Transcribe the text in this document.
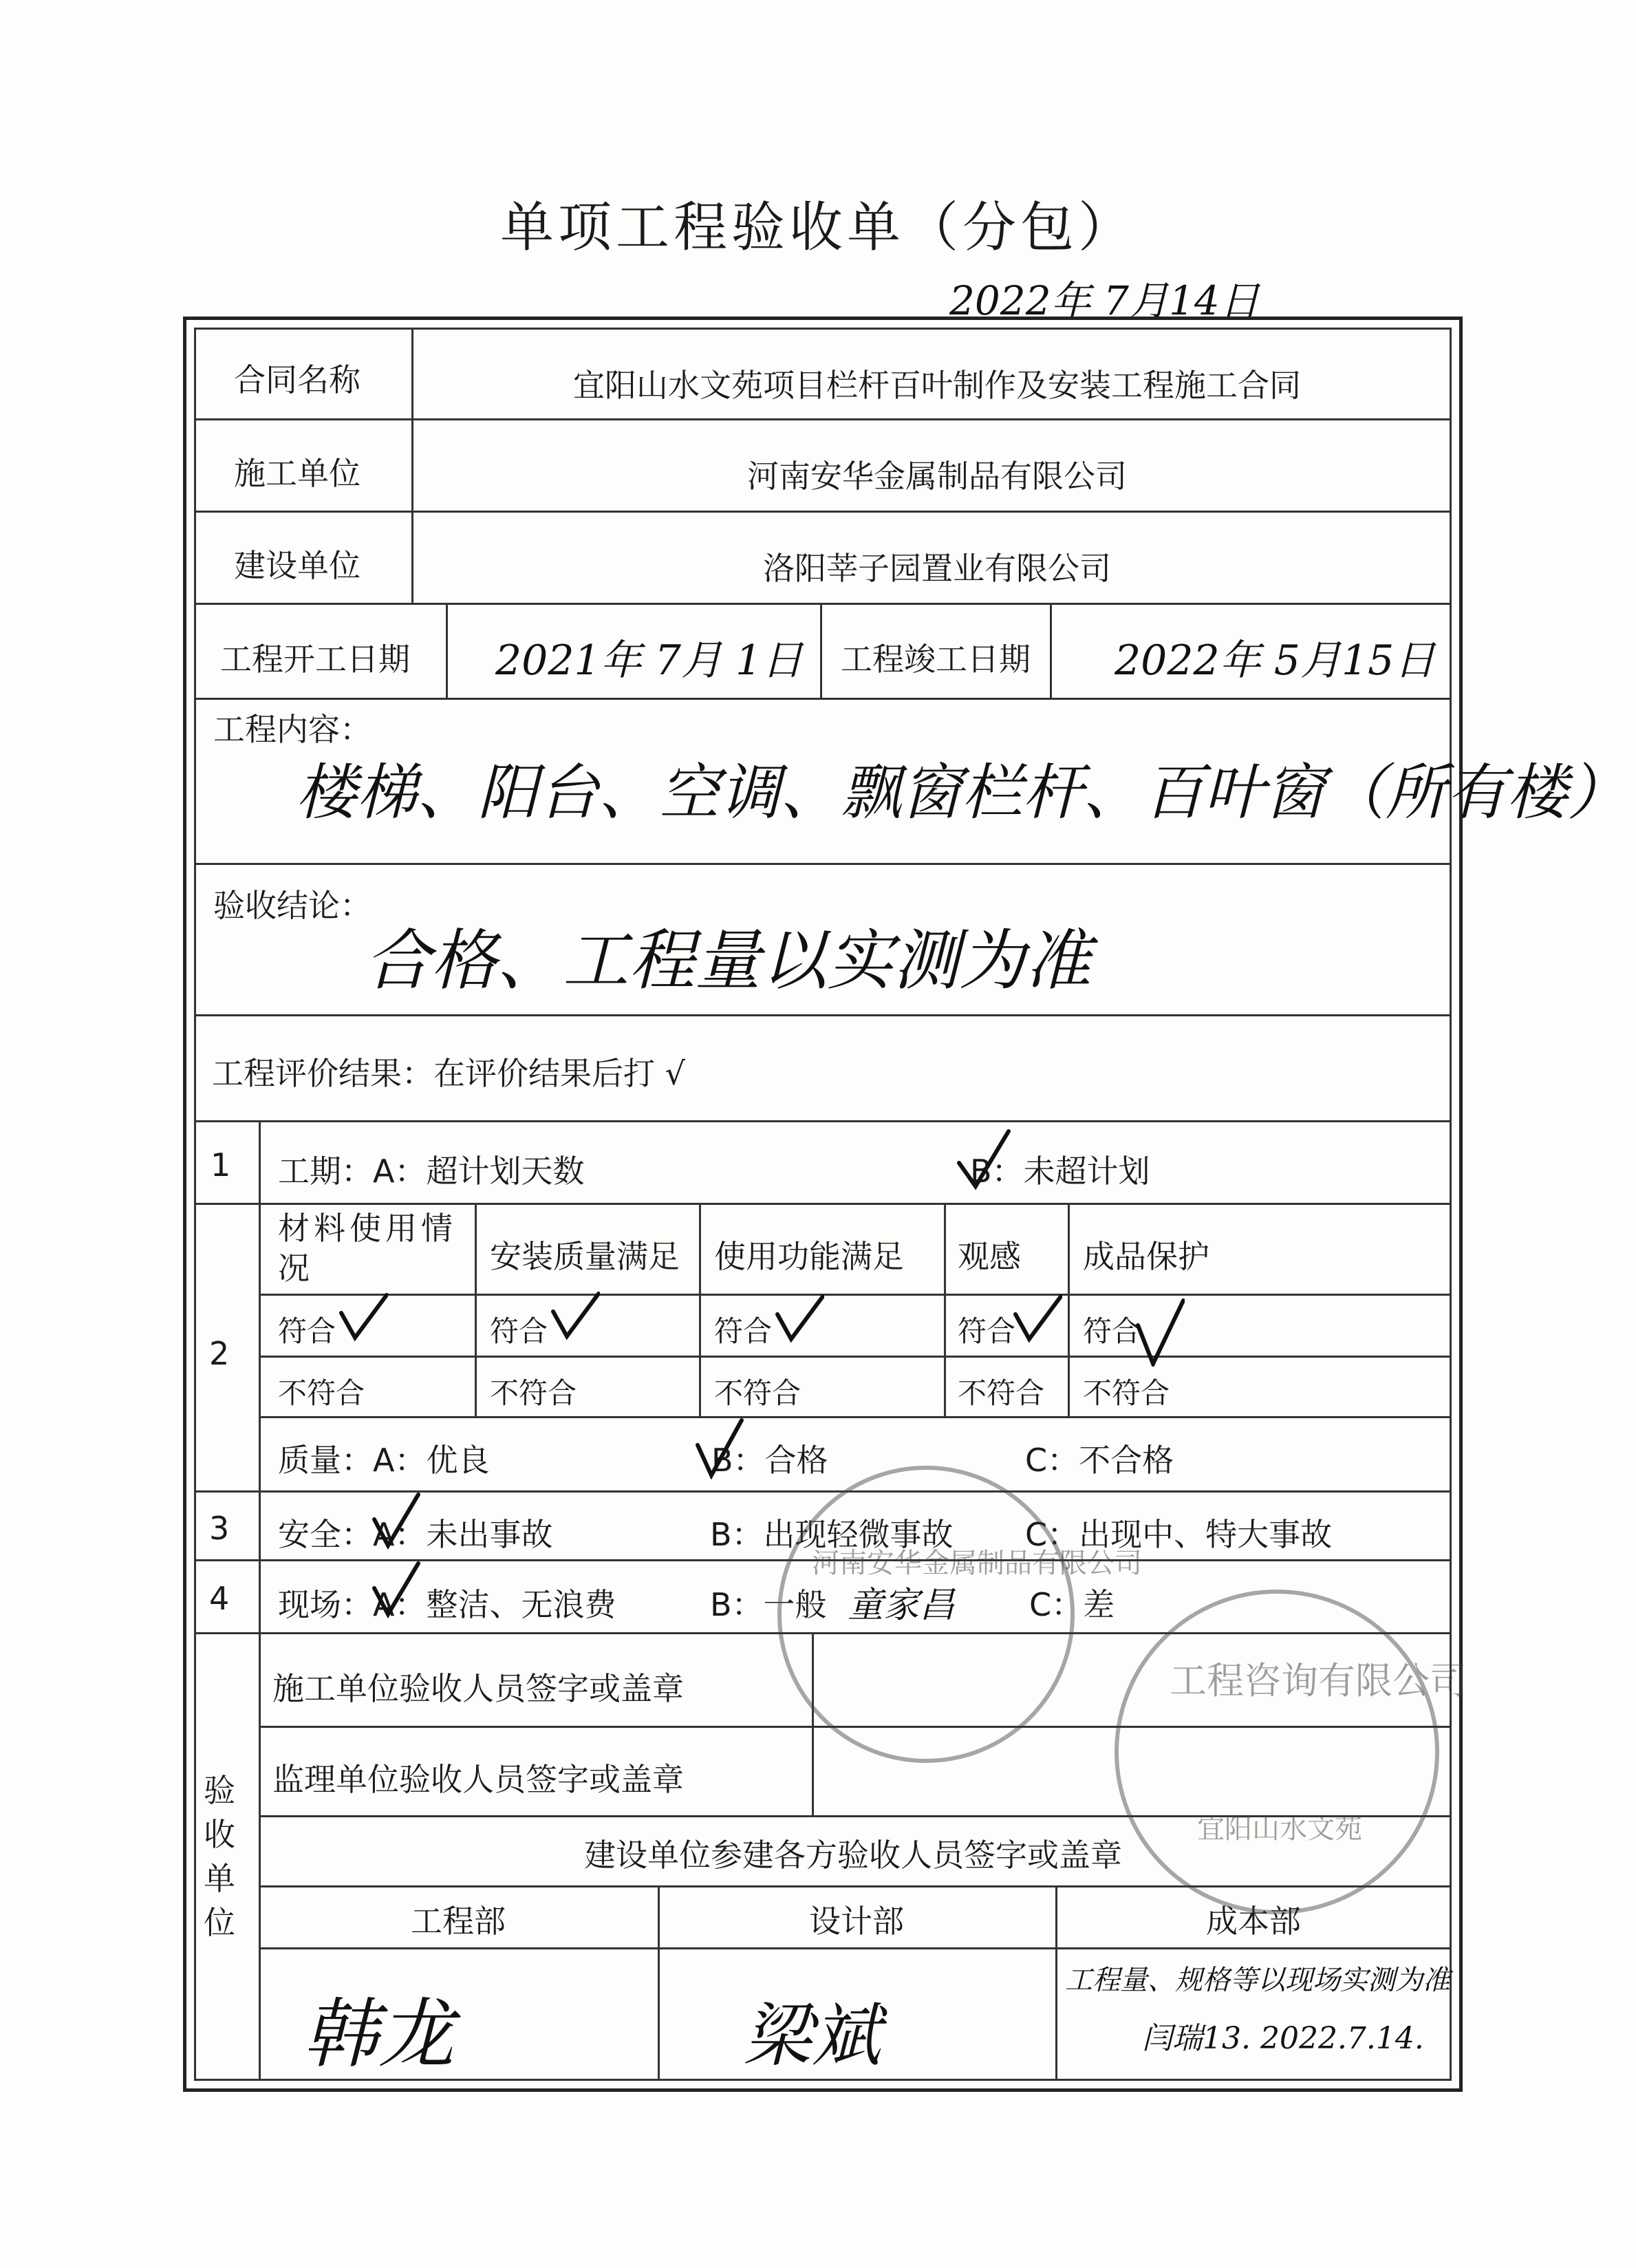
单项工程验收单（分包）
2022年 7月14日
合同名称	宜阳山水文苑项目栏杆百叶制作及安装工程施工合同
施工单位	河南安华金属制品有限公司
建设单位	洛阳莘子园置业有限公司
工程开工日期 2021年 7月 1日 工程竣工日期 2022年 5月15日
工程内容：
楼梯、阳台、空调、飘窗栏杆、百叶窗（所有楼）
验收结论：
合格、工程量以实测为准
工程评价结果：在评价结果后打 √
1 工期：A：超计划天数	B：未超计划
2
材料使用情况	安装质量满足 使用功能满足 观感 成品保护
符合	符合	符合	符合 符合
不符合	不符合	不符合	不符合 不符合
质量：A：优良	B：合格	C：不合格
3 安全：A：未出事故	B：出现轻微事故 C：出现中、特大事故
4 现场：A：整洁、无浪费	B：一般	C：差
童家昌
验收单位
施工单位验收人员签字或盖章
监理单位验收人员签字或盖章
建设单位参建各方验收人员签字或盖章
工程部	设计部	成本部
韩龙	梁斌
工程量、规格等以现场实测为准
闫瑞13. 2022.7.14.
河南安华金属制品有限公司
工程咨询有限公司
宜阳山水文苑
